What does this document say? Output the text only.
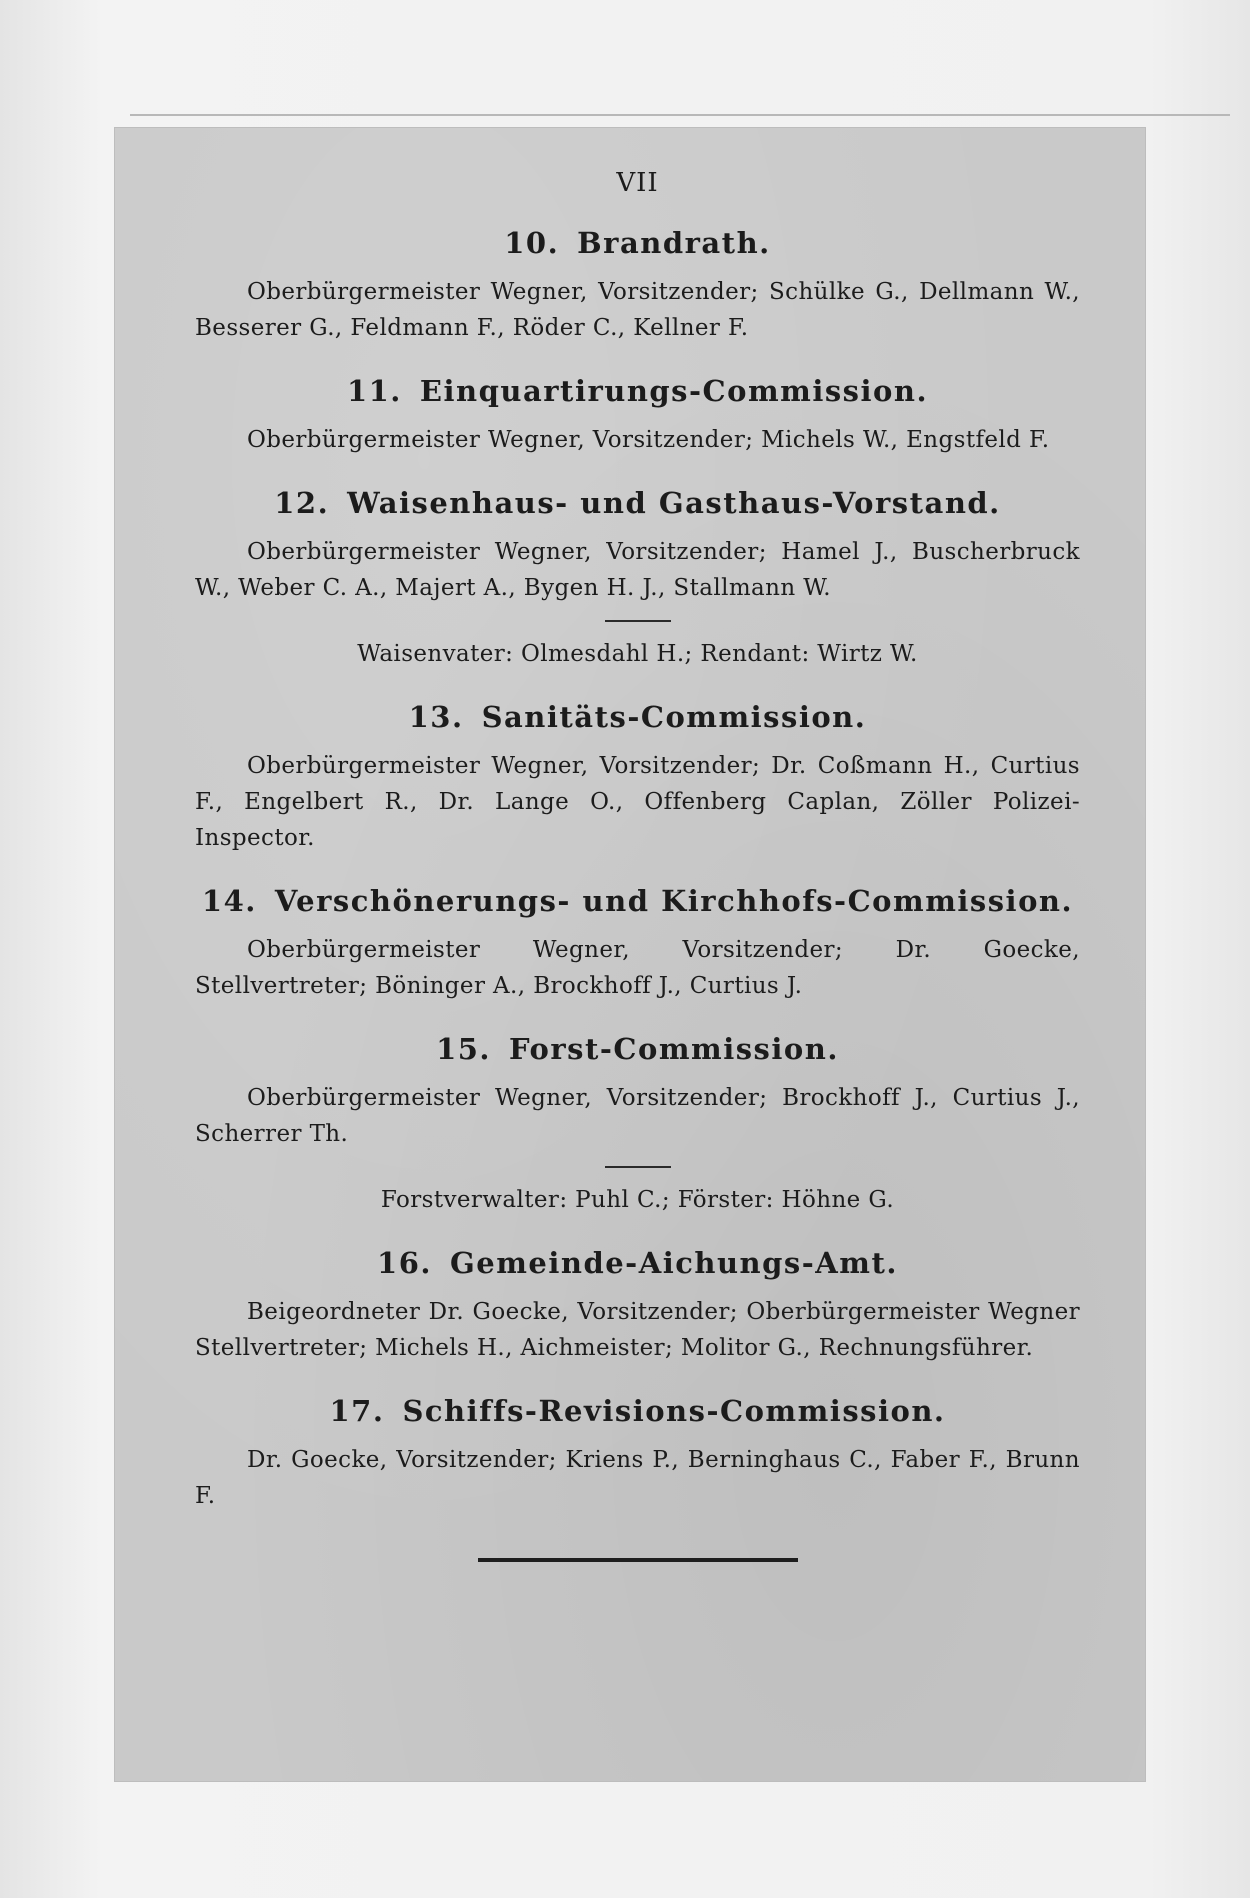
VII
10. Brandrath.

Oberbürgermeister Wegner, Vorsitzender; Schülke G., Dellmann W., Besserer G., Feldmann F., Röder C., Kellner F.

11. Einquartirungs-Commission.

Oberbürgermeister Wegner, Vorsitzender; Michels W., Engstfeld F.

12. Waisenhaus- und Gasthaus-Vorstand.

Oberbürgermeister Wegner, Vorsitzender; Hamel J., Buscherbruck W., Weber C. A., Majert A., Bygen H. J., Stallmann W.

Waisenvater: Olmesdahl H.; Rendant: Wirtz W.

13. Sanitäts-Commission.

Oberbürgermeister Wegner, Vorsitzender; Dr. Coßmann H., Curtius F., Engelbert R., Dr. Lange O., Offenberg Caplan, Zöller Polizei-Inspector.

14. Verschönerungs- und Kirchhofs-Commission.

Oberbürgermeister Wegner, Vorsitzender; Dr. Goecke, Stellvertreter; Böninger A., Brockhoff J., Curtius J.

15. Forst-Commission.

Oberbürgermeister Wegner, Vorsitzender; Brockhoff J., Curtius J., Scherrer Th.

Forstverwalter: Puhl C.; Förster: Höhne G.

16. Gemeinde-Aichungs-Amt.

Beigeordneter Dr. Goecke, Vorsitzender; Oberbürgermeister Wegner Stellvertreter; Michels H., Aichmeister; Molitor G., Rechnungsführer.

17. Schiffs-Revisions-Commission.

Dr. Goecke, Vorsitzender; Kriens P., Berninghaus C., Faber F., Brunn F.
